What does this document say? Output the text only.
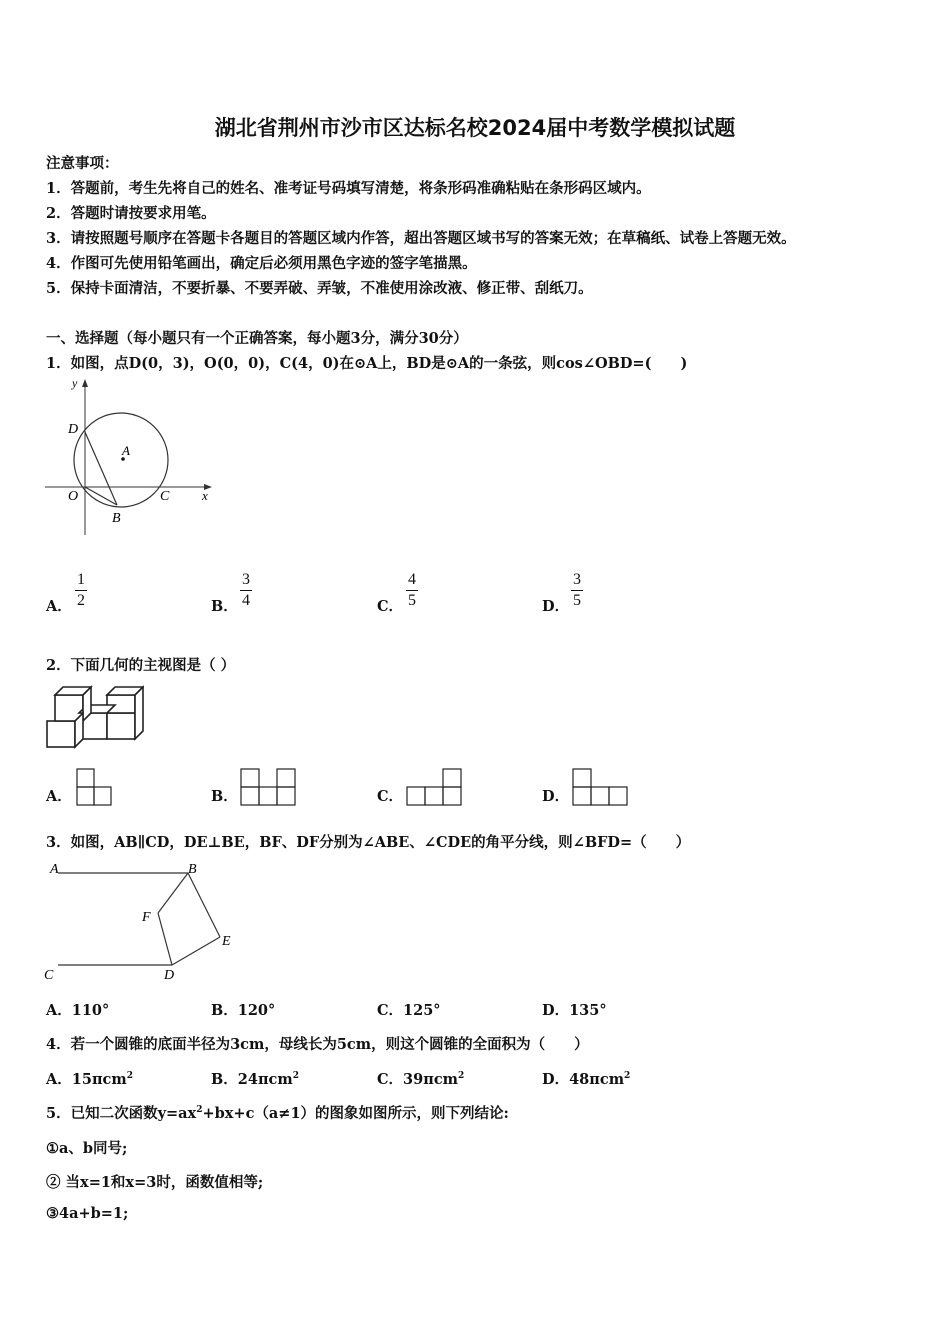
湖北省荆州市沙市区达标名校2024届中考数学模拟试题
注意事项：
1．答题前，考生先将自己的姓名、准考证号码填写清楚，将条形码准确粘贴在条形码区域内。
2．答题时请按要求用笔。
3．请按照题号顺序在答题卡各题目的答题区域内作答，超出答题区域书写的答案无效；在草稿纸、试卷上答题无效。
4．作图可先使用铅笔画出，确定后必须用黑色字迹的签字笔描黑。
5．保持卡面清洁，不要折暴、不要弄破、弄皱，不准使用涂改液、修正带、刮纸刀。
一、选择题（每小题只有一个正确答案，每小题3分，满分30分）
1．如图，点D(0，3)，O(0，0)，C(4，0)在⊙A上，BD是⊙A的一条弦，则cos∠OBD=(　　)
y
D
A
O	C	x
B
A． $\frac{1}{2}$	B． $\frac{3}{4}$	C． $\frac{4}{5}$	D． $\frac{3}{5}$
2．下面几何的主视图是（ ）
A．	B．	C．	D．
3．如图，AB∥CD，DE⊥BE，BF、DF分别为∠ABE、∠CDE的角平分线，则∠BFD=（　　）
A	B
F
E
C	D
A．110°	B．120°	C．125°	D．135°
4．若一个圆锥的底面半径为3cm，母线长为5cm，则这个圆锥的全面积为（　　）
A．15πcm$^2$	B．24πcm$^2$	C．39πcm$^2$	D．48πcm$^2$
5．已知二次函数$y=ax^2+bx+c(a\ne 1)$的图象如图所示，则下列结论:
①a、b同号;
② 当x=1和x=3时，函数值相等;
③4a+b=1;
